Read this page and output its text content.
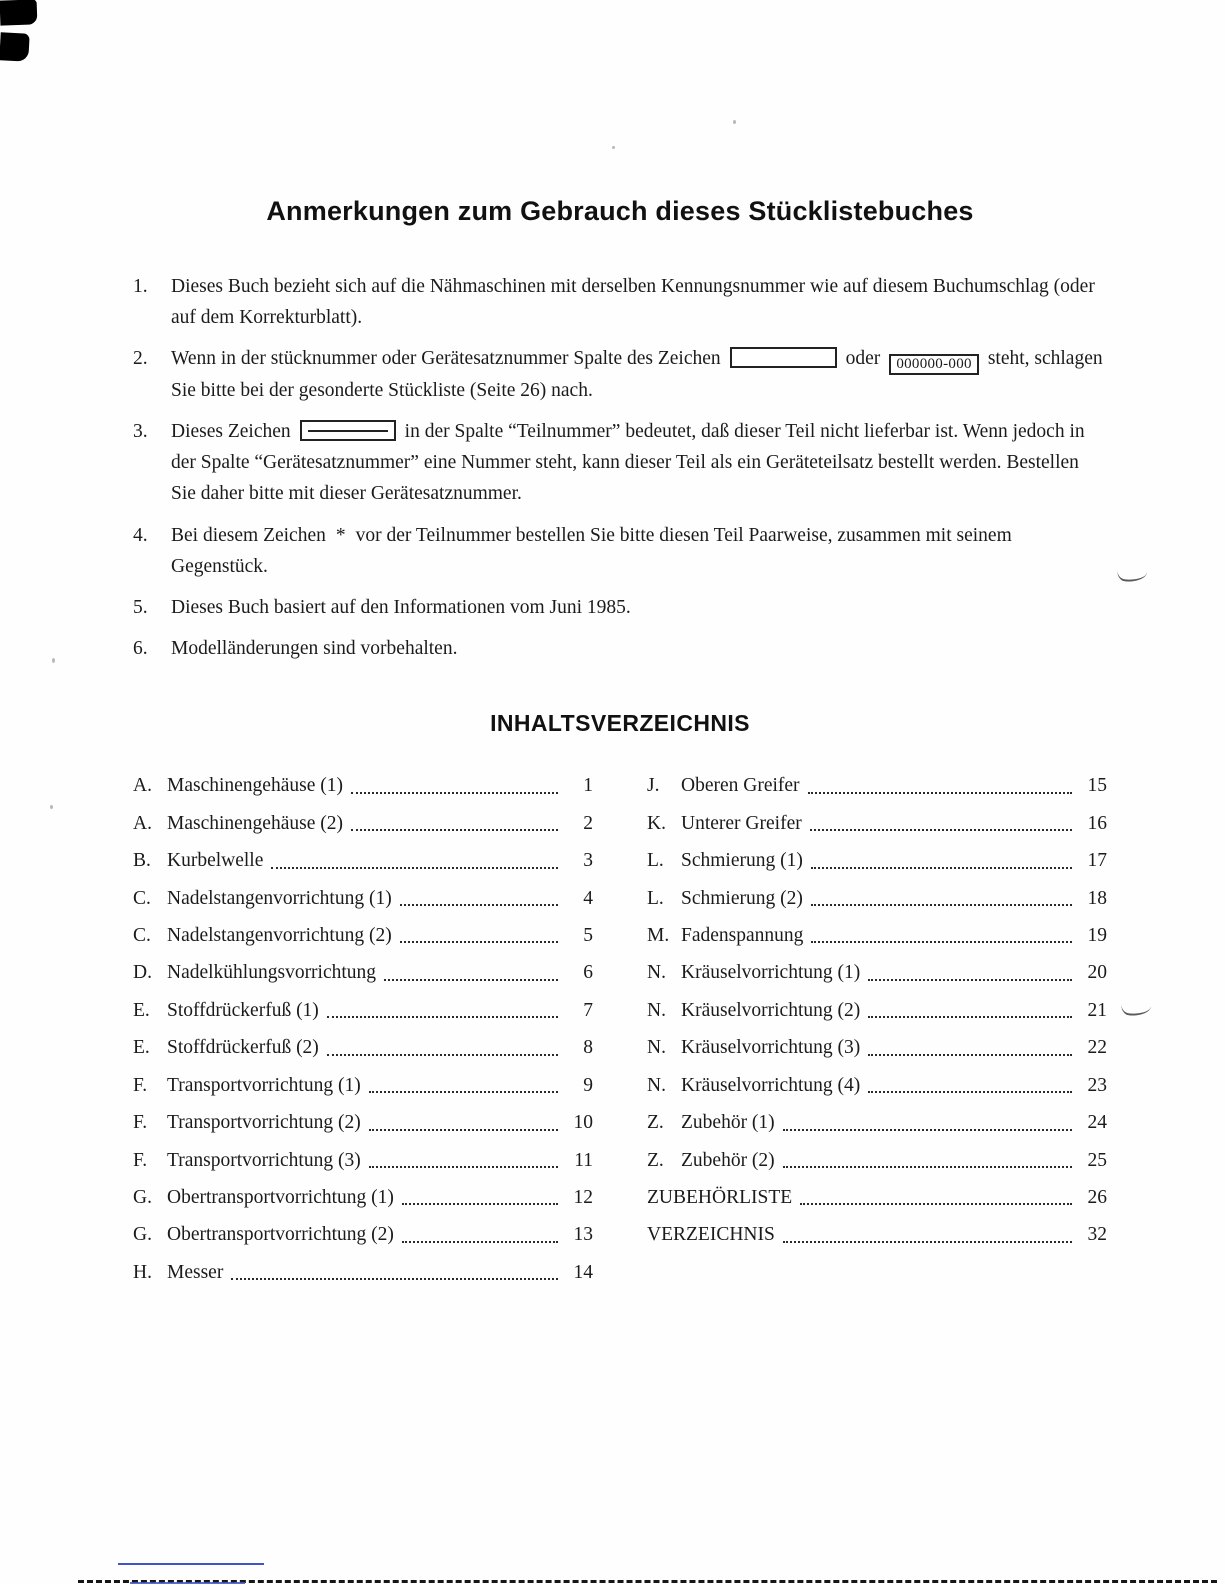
Anmerkungen zum Gebrauch dieses Stücklistebuches
1.	Dieses Buch bezieht sich auf die Nähmaschinen mit derselben Kennungsnummer wie auf diesem Buchumschlag (oder auf dem Korrekturblatt).
2.	Wenn in der stücknummer oder Gerätesatznummer Spalte des Zeichen	oder 000000-000 steht, schlagen Sie bitte bei der gesonderte Stückliste (Seite 26) nach.
3.	Dieses Zeichen	in der Spalte “Teilnummer” bedeutet, daß dieser Teil nicht lieferbar ist. Wenn jedoch in der Spalte “Gerätesatznummer” eine Nummer steht, kann dieser Teil als ein Geräteteilsatz bestellt werden. Bestellen Sie daher bitte mit dieser Gerätesatznummer.
4.	Bei diesem Zeichen * vor der Teilnummer bestellen Sie bitte diesen Teil Paarweise, zusammen mit seinem Gegenstück.
5.	Dieses Buch basiert auf den Informationen vom Juni 1985.
6.	Modelländerungen sind vorbehalten.
INHALTSVERZEICHNIS
A. Maschinengehäuse (1)	1
A. Maschinengehäuse (2)	2
B. Kurbelwelle	3
C. Nadelstangenvorrichtung (1)	4
C. Nadelstangenvorrichtung (2)	5
D. Nadelkühlungsvorrichtung	6
E. Stoffdrückerfuß (1)	7
E. Stoffdrückerfuß (2)	8
F.	Transportvorrichtung (1)	9
F.	Transportvorrichtung (2)	10
F.	Transportvorrichtung (3)	11
G. Obertransportvorrichtung (1)	12
G. Obertransportvorrichtung (2)	13
H. Messer	14
J.	Oberen Greifer	15
K. Unterer Greifer	16
L. Schmierung (1)	17
L. Schmierung (2)	18
M. Fadenspannung	19
N. Kräuselvorrichtung (1)	20
N. Kräuselvorrichtung (2)	21
N. Kräuselvorrichtung (3)	22
N. Kräuselvorrichtung (4)	23
Z. Zubehör (1)	24
Z. Zubehör (2)	25
ZUBEHÖRLISTE	26
VERZEICHNIS	32
